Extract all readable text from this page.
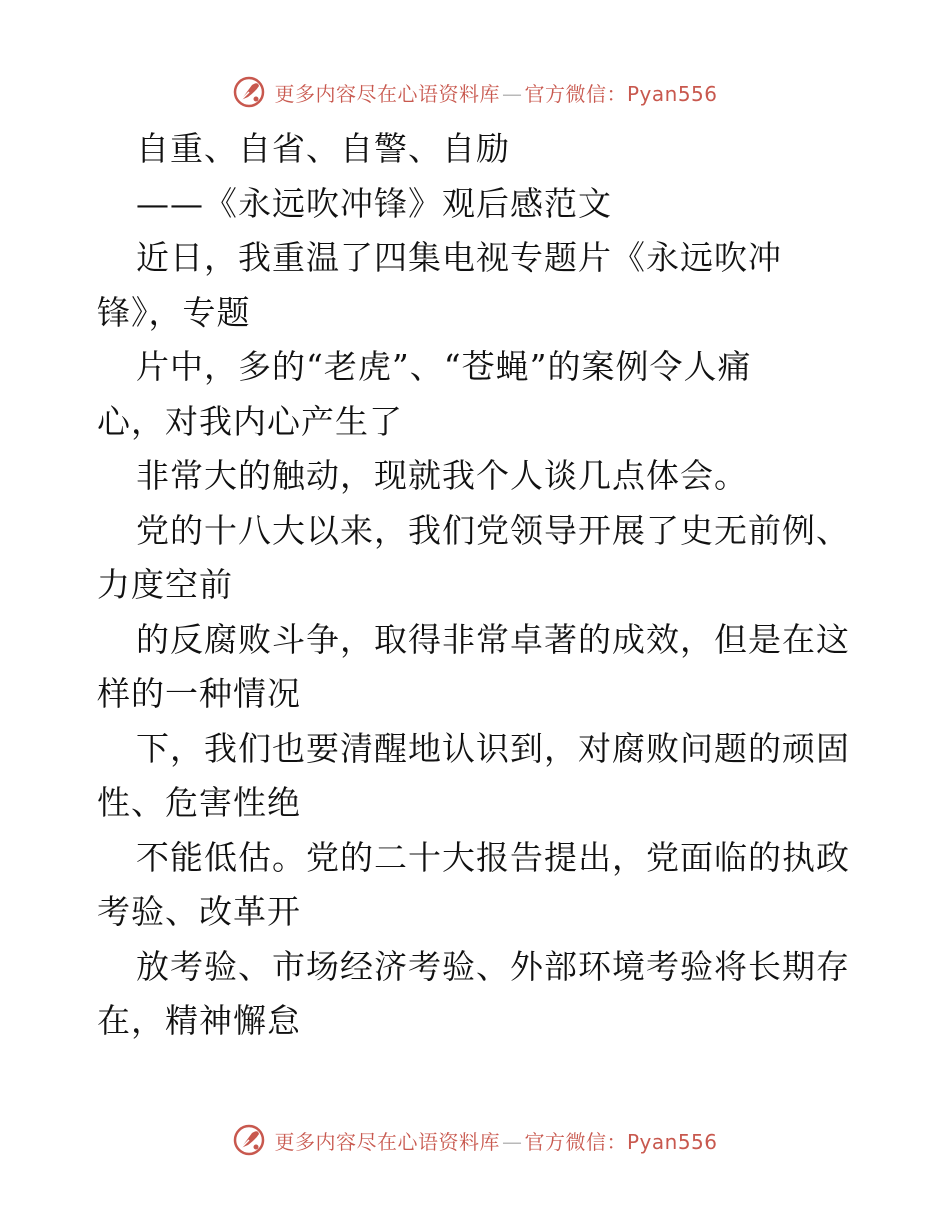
更多内容尽在心语资料库 — 官方微信：Pyan556
自重、自省、自警、自励
——《永远吹冲锋》观后感范文
近日，我重温了四集电视专题片《永远吹冲
锋》，专题
片中，多的“老虎”、“苍蝇”的案例令人痛
心，对我内心产生了
非常大的触动，现就我个人谈几点体会。
党的十八大以来，我们党领导开展了史无前例、
力度空前
的反腐败斗争，取得非常卓著的成效，但是在这
样的一种情况
下，我们也要清醒地认识到，对腐败问题的顽固
性、危害性绝
不能低估。党的二十大报告提出，党面临的执政
考验、改革开
放考验、市场经济考验、外部环境考验将长期存
在，精神懈怠
更多内容尽在心语资料库 — 官方微信：Pyan556
